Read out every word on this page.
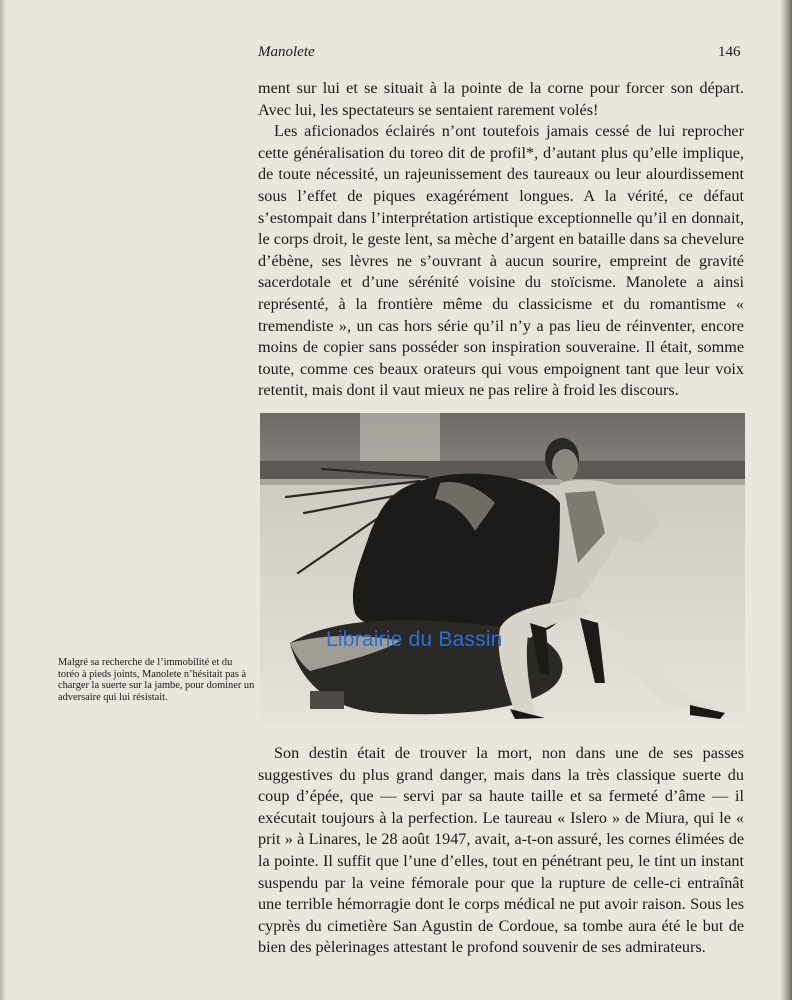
Manolete	146

ment sur lui et se situait à la pointe de la corne pour forcer son départ. Avec lui, les spectateurs se sentaient rarement volés!

Les aficionados éclairés n’ont toutefois jamais cessé de lui reprocher cette généralisation du toreo dit de profil*, d’autant plus qu’elle implique, de toute nécessité, un rajeunissement des taureaux ou leur alourdissement sous l’effet de piques exagérément longues. A la vérité, ce défaut s’estompait dans l’interprétation artistique exceptionnelle qu’il en donnait, le corps droit, le geste lent, sa mèche d’argent en bataille dans sa chevelure d’ébène, ses lèvres ne s’ouvrant à aucun sourire, empreint de gravité sacerdotale et d’une sérénité voisine du stoïcisme. Manolete a ainsi représenté, à la frontière même du classicisme et du romantisme « tremendiste », un cas hors série qu’il n’y a pas lieu de réinventer, encore moins de copier sans posséder son inspiration souveraine. Il était, somme toute, comme ces beaux orateurs qui vous empoignent tant que leur voix retentit, mais dont il vaut mieux ne pas relire à froid les discours.

Librairie du Bassin
Malgré sa recherche de l’immobilité et du toréo à pieds joints, Manolete n’hésitait pas à charger la suerte sur la jambe, pour dominer un adversaire qui lui résistait.

Son destin était de trouver la mort, non dans une de ses passes suggestives du plus grand danger, mais dans la très classique suerte du coup d’épée, que — servi par sa haute taille et sa fermeté d’âme — il exécutait toujours à la perfection. Le taureau « Islero » de Miura, qui le « prit » à Linares, le 28 août 1947, avait, a-t-on assuré, les cornes élimées de la pointe. Il suffit que l’une d’elles, tout en pénétrant peu, le tint un instant suspendu par la veine fémorale pour que la rupture de celle-ci entraînât une terrible hémorragie dont le corps médical ne put avoir raison. Sous les cyprès du cimetière San Agustin de Cordoue, sa tombe aura été le but de bien des pèlerinages attestant le profond souvenir de ses admirateurs.
